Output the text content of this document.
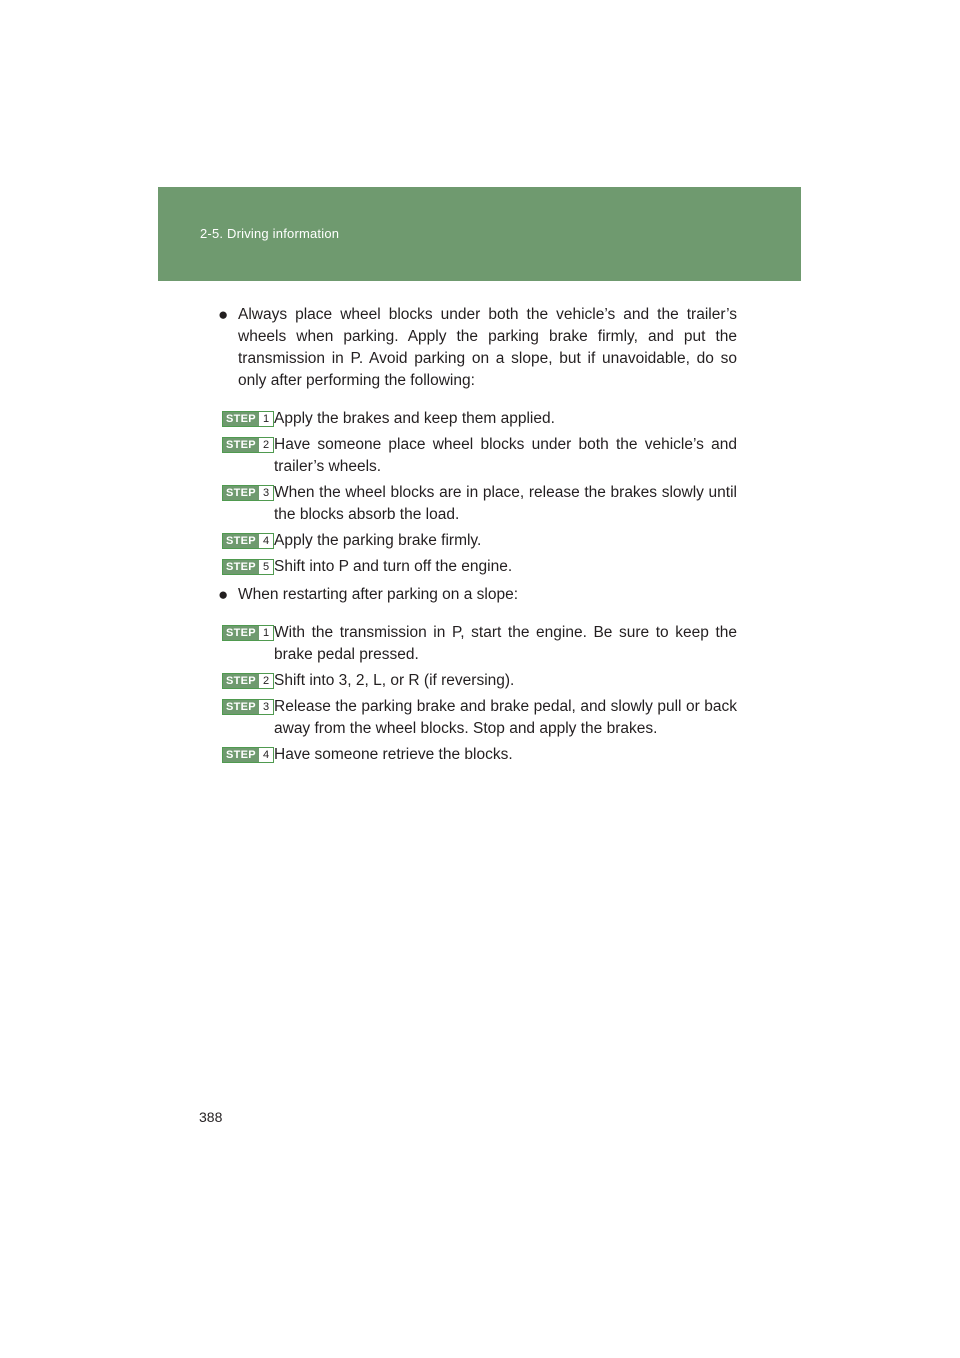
2-5. Driving information
● Always place wheel blocks under both the vehicle’s and the trailer’s wheels when parking. Apply the parking brake firmly, and put the transmission in P. Avoid parking on a slope, but if unavoidable, do so only after performing the following:
STEP 1 Apply the brakes and keep them applied.
STEP 2 Have someone place wheel blocks under both the vehicle’s and trailer’s wheels.
STEP 3 When the wheel blocks are in place, release the brakes slowly until the blocks absorb the load.
STEP 4 Apply the parking brake firmly.
STEP 5 Shift into P and turn off the engine.
● When restarting after parking on a slope:
STEP 1 With the transmission in P, start the engine. Be sure to keep the brake pedal pressed.
STEP 2 Shift into 3, 2, L, or R (if reversing).
STEP 3 Release the parking brake and brake pedal, and slowly pull or back away from the wheel blocks. Stop and apply the brakes.
STEP 4 Have someone retrieve the blocks.
388
